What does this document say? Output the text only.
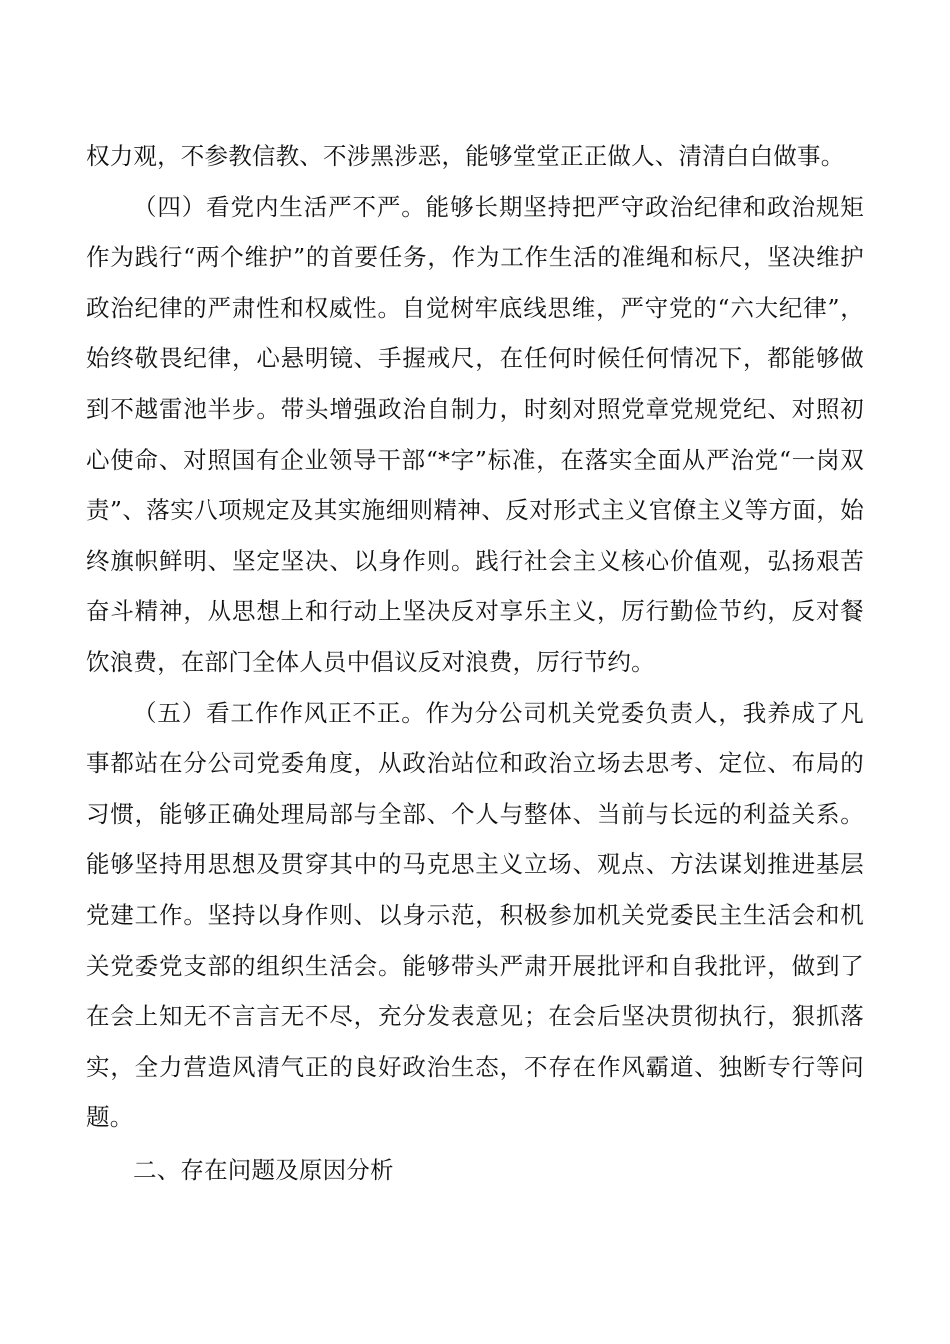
权力观，不参教信教、不涉黑涉恶，能够堂堂正正做人、清清白白做事。

（四）看党内生活严不严。能够长期坚持把严守政治纪律和政治规矩作为践行“两个维护”的首要任务，作为工作生活的准绳和标尺，坚决维护政治纪律的严肃性和权威性。自觉树牢底线思维，严守党的“六大纪律”，始终敬畏纪律，心悬明镜、手握戒尺，在任何时候任何情况下，都能够做到不越雷池半步。带头增强政治自制力，时刻对照党章党规党纪、对照初心使命、对照国有企业领导干部“*字”标准，在落实全面从严治党“一岗双责”、落实八项规定及其实施细则精神、反对形式主义官僚主义等方面，始终旗帜鲜明、坚定坚决、以身作则。践行社会主义核心价值观，弘扬艰苦奋斗精神，从思想上和行动上坚决反对享乐主义，厉行勤俭节约，反对餐饮浪费，在部门全体人员中倡议反对浪费，厉行节约。

（五）看工作作风正不正。作为分公司机关党委负责人，我养成了凡事都站在分公司党委角度，从政治站位和政治立场去思考、定位、布局的习惯，能够正确处理局部与全部、个人与整体、当前与长远的利益关系。能够坚持用思想及贯穿其中的马克思主义立场、观点、方法谋划推进基层党建工作。坚持以身作则、以身示范，积极参加机关党委民主生活会和机关党委党支部的组织生活会。能够带头严肃开展批评和自我批评，做到了在会上知无不言言无不尽，充分发表意见；在会后坚决贯彻执行，狠抓落实，全力营造风清气正的良好政治生态，不存在作风霸道、独断专行等问题。

二、存在问题及原因分析
